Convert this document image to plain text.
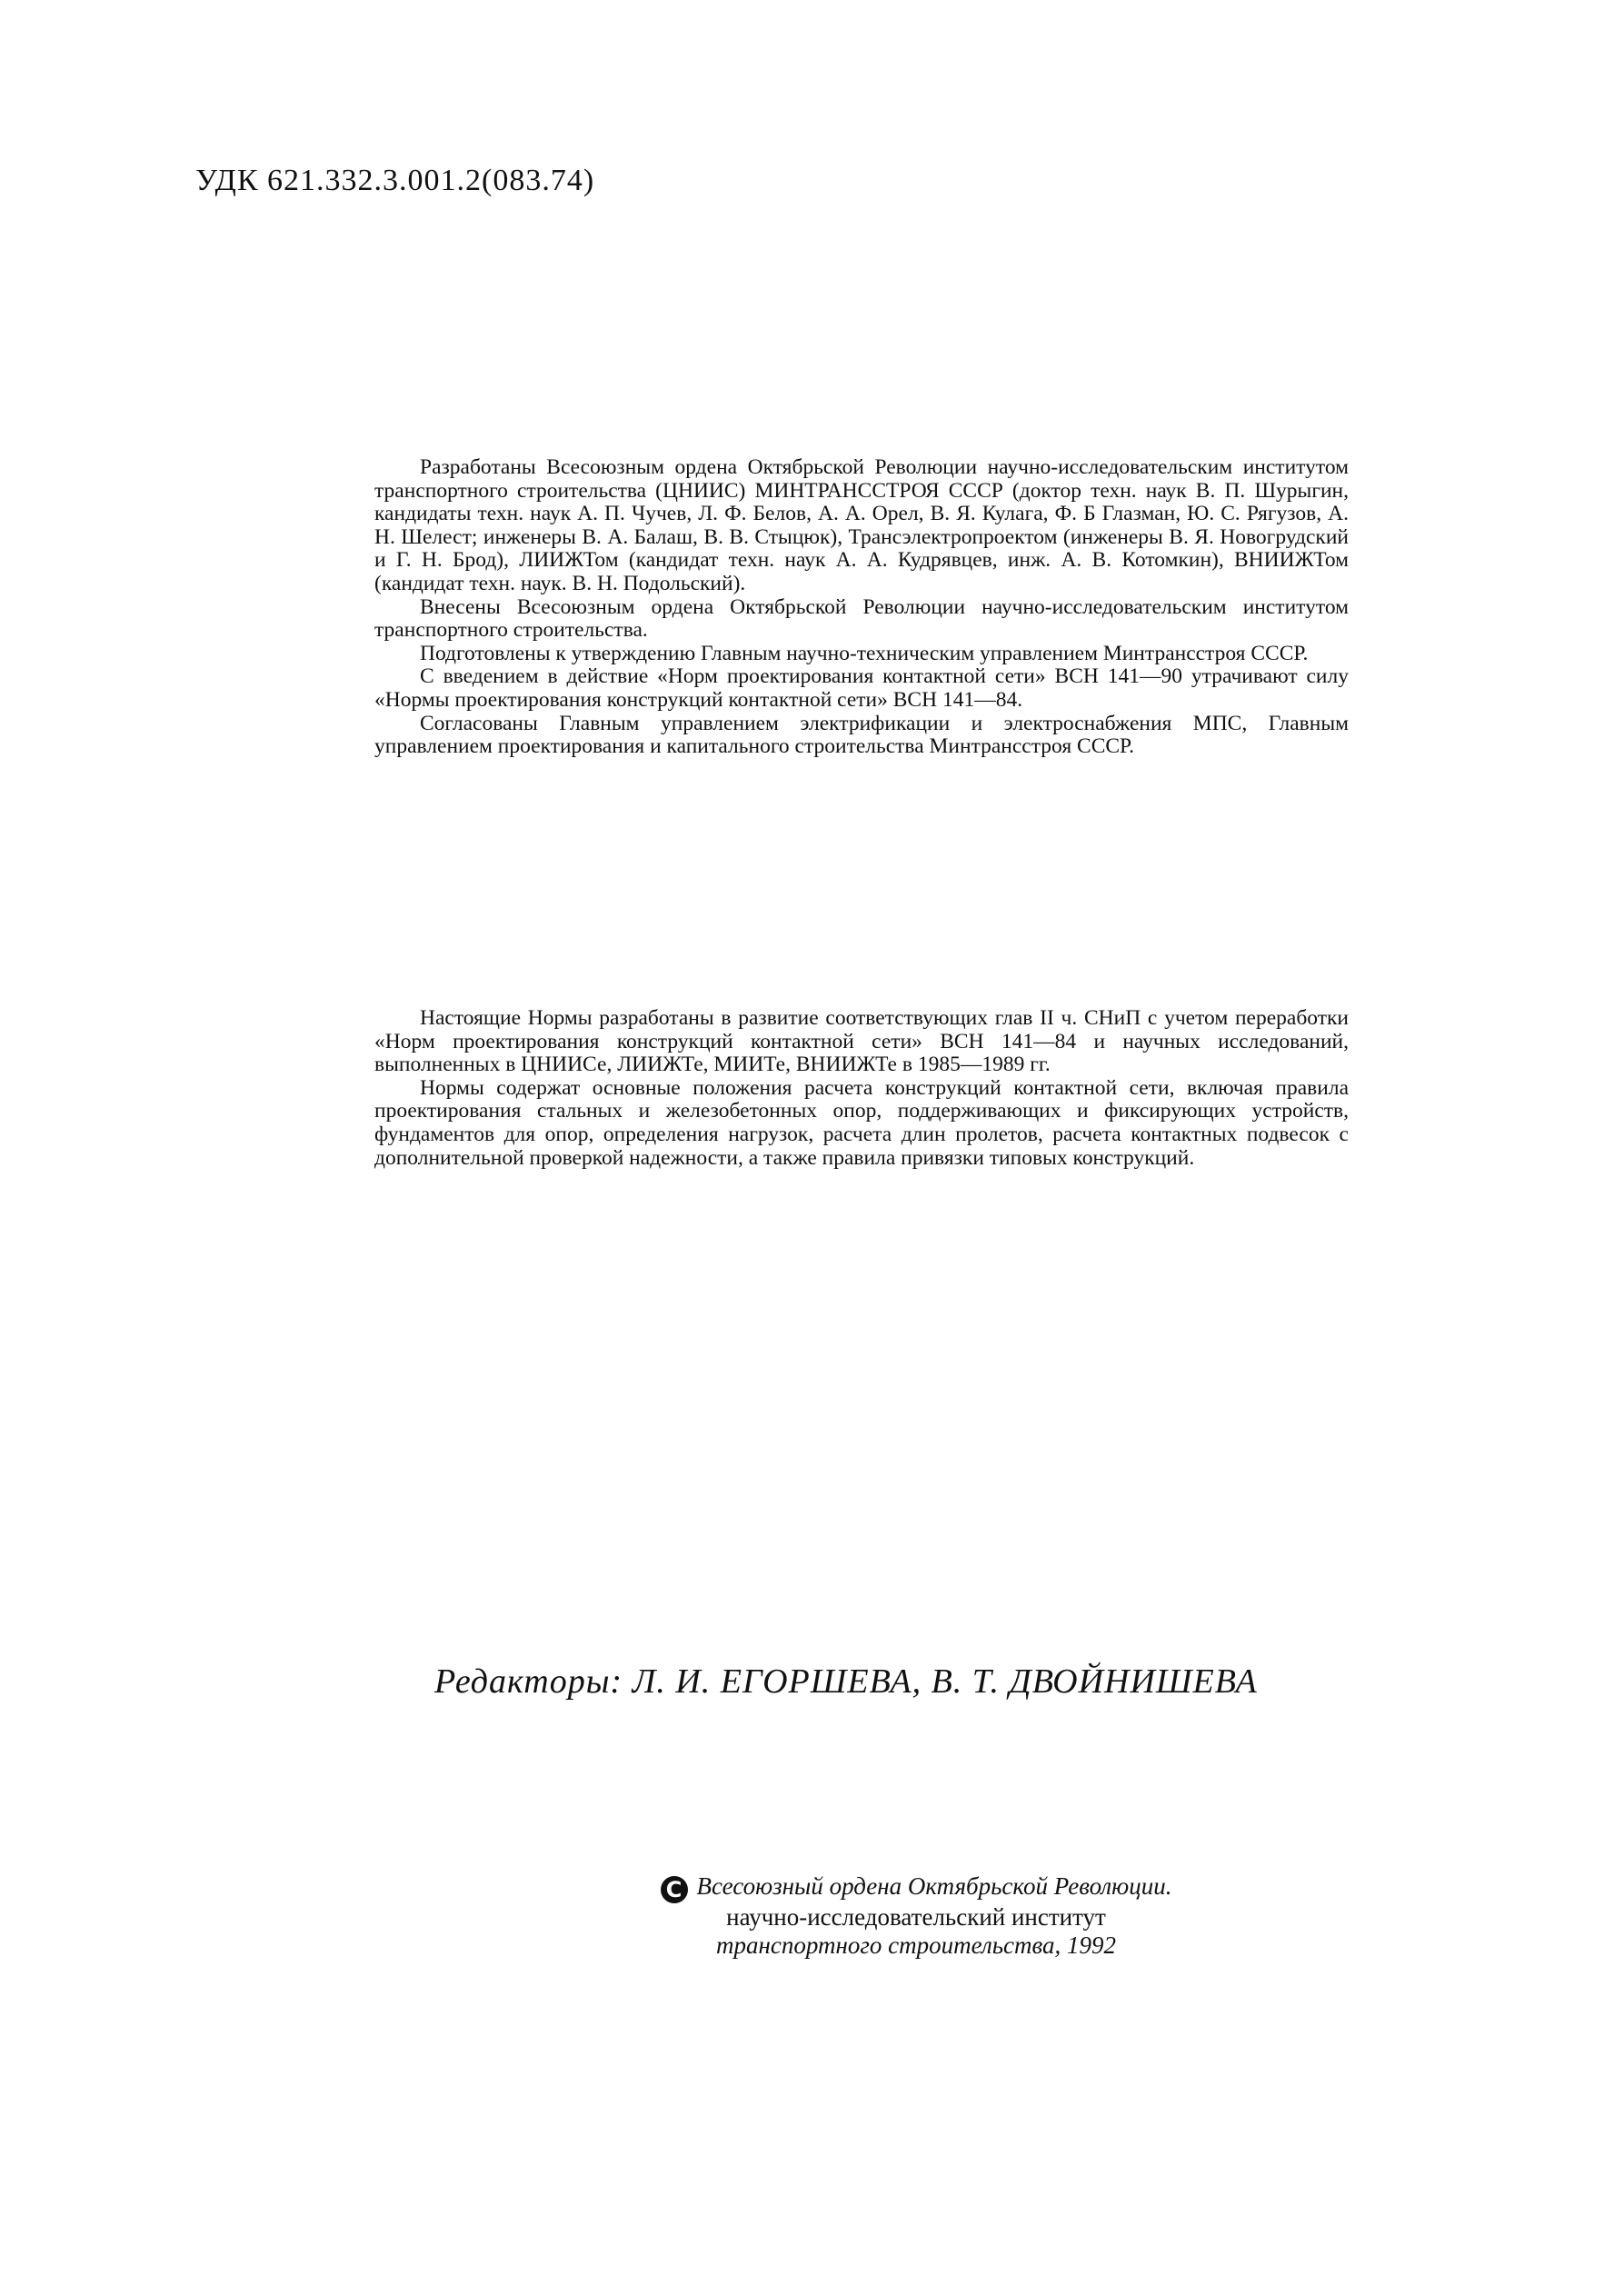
УДК 621.332.3.001.2(083.74)

Разработаны Всесоюзным ордена Октябрьской Революции научно-исследовательским институтом транспортного строительства (ЦНИИС) МИНТРАНССТРОЯ СССР (доктор техн. наук В. П. Шурыгин, кандидаты техн. наук А. П. Чучев, Л. Ф. Белов, А. А. Орел, В. Я. Кулага, Ф. Б Глазман, Ю. С. Рягузов, А. Н. Шелест; инженеры В. А. Балаш, В. В. Стыцюк), Трансэлектропроектом (инженеры В. Я. Новогрудский и Г. Н. Брод), ЛИИЖТом (кандидат техн. наук А. А. Кудрявцев, инж. А. В. Котомкин), ВНИИЖТом (кандидат техн. наук. В. Н. Подольский).

Внесены Всесоюзным ордена Октябрьской Революции научно-исследовательским институтом транспортного строительства.

Подготовлены к утверждению Главным научно-техническим управлением Минтрансстроя СССР.

С введением в действие «Норм проектирования контактной сети» ВСН 141—90 утрачивают силу «Нормы проектирования конструкций контактной сети» ВСН 141—84.

Согласованы Главным управлением электрификации и электроснабжения МПС, Главным управлением проектирования и капитального строительства Минтрансстроя СССР.

Настоящие Нормы разработаны в развитие соответствующих глав II ч. СНиП с учетом переработки «Норм проектирования конструкций контактной сети» ВСН 141—84 и научных исследований, выполненных в ЦНИИСе, ЛИИЖТе, МИИТе, ВНИИЖТе в 1985—1989 гг.

Нормы содержат основные положения расчета конструкций контактной сети, включая правила проектирования стальных и железобетонных опор, поддерживающих и фиксирующих устройств, фундаментов для опор, определения нагрузок, расчета длин пролетов, расчета контактных подвесок с дополнительной проверкой надежности, а также правила привязки типовых конструкций.

Редакторы: Л. И. ЕГОРШЕВА, В. Т. ДВОЙНИШЕВА
C Всесоюзный ордена Октябрьской Революции.
научно-исследовательский институт
транспортного строительства, 1992
